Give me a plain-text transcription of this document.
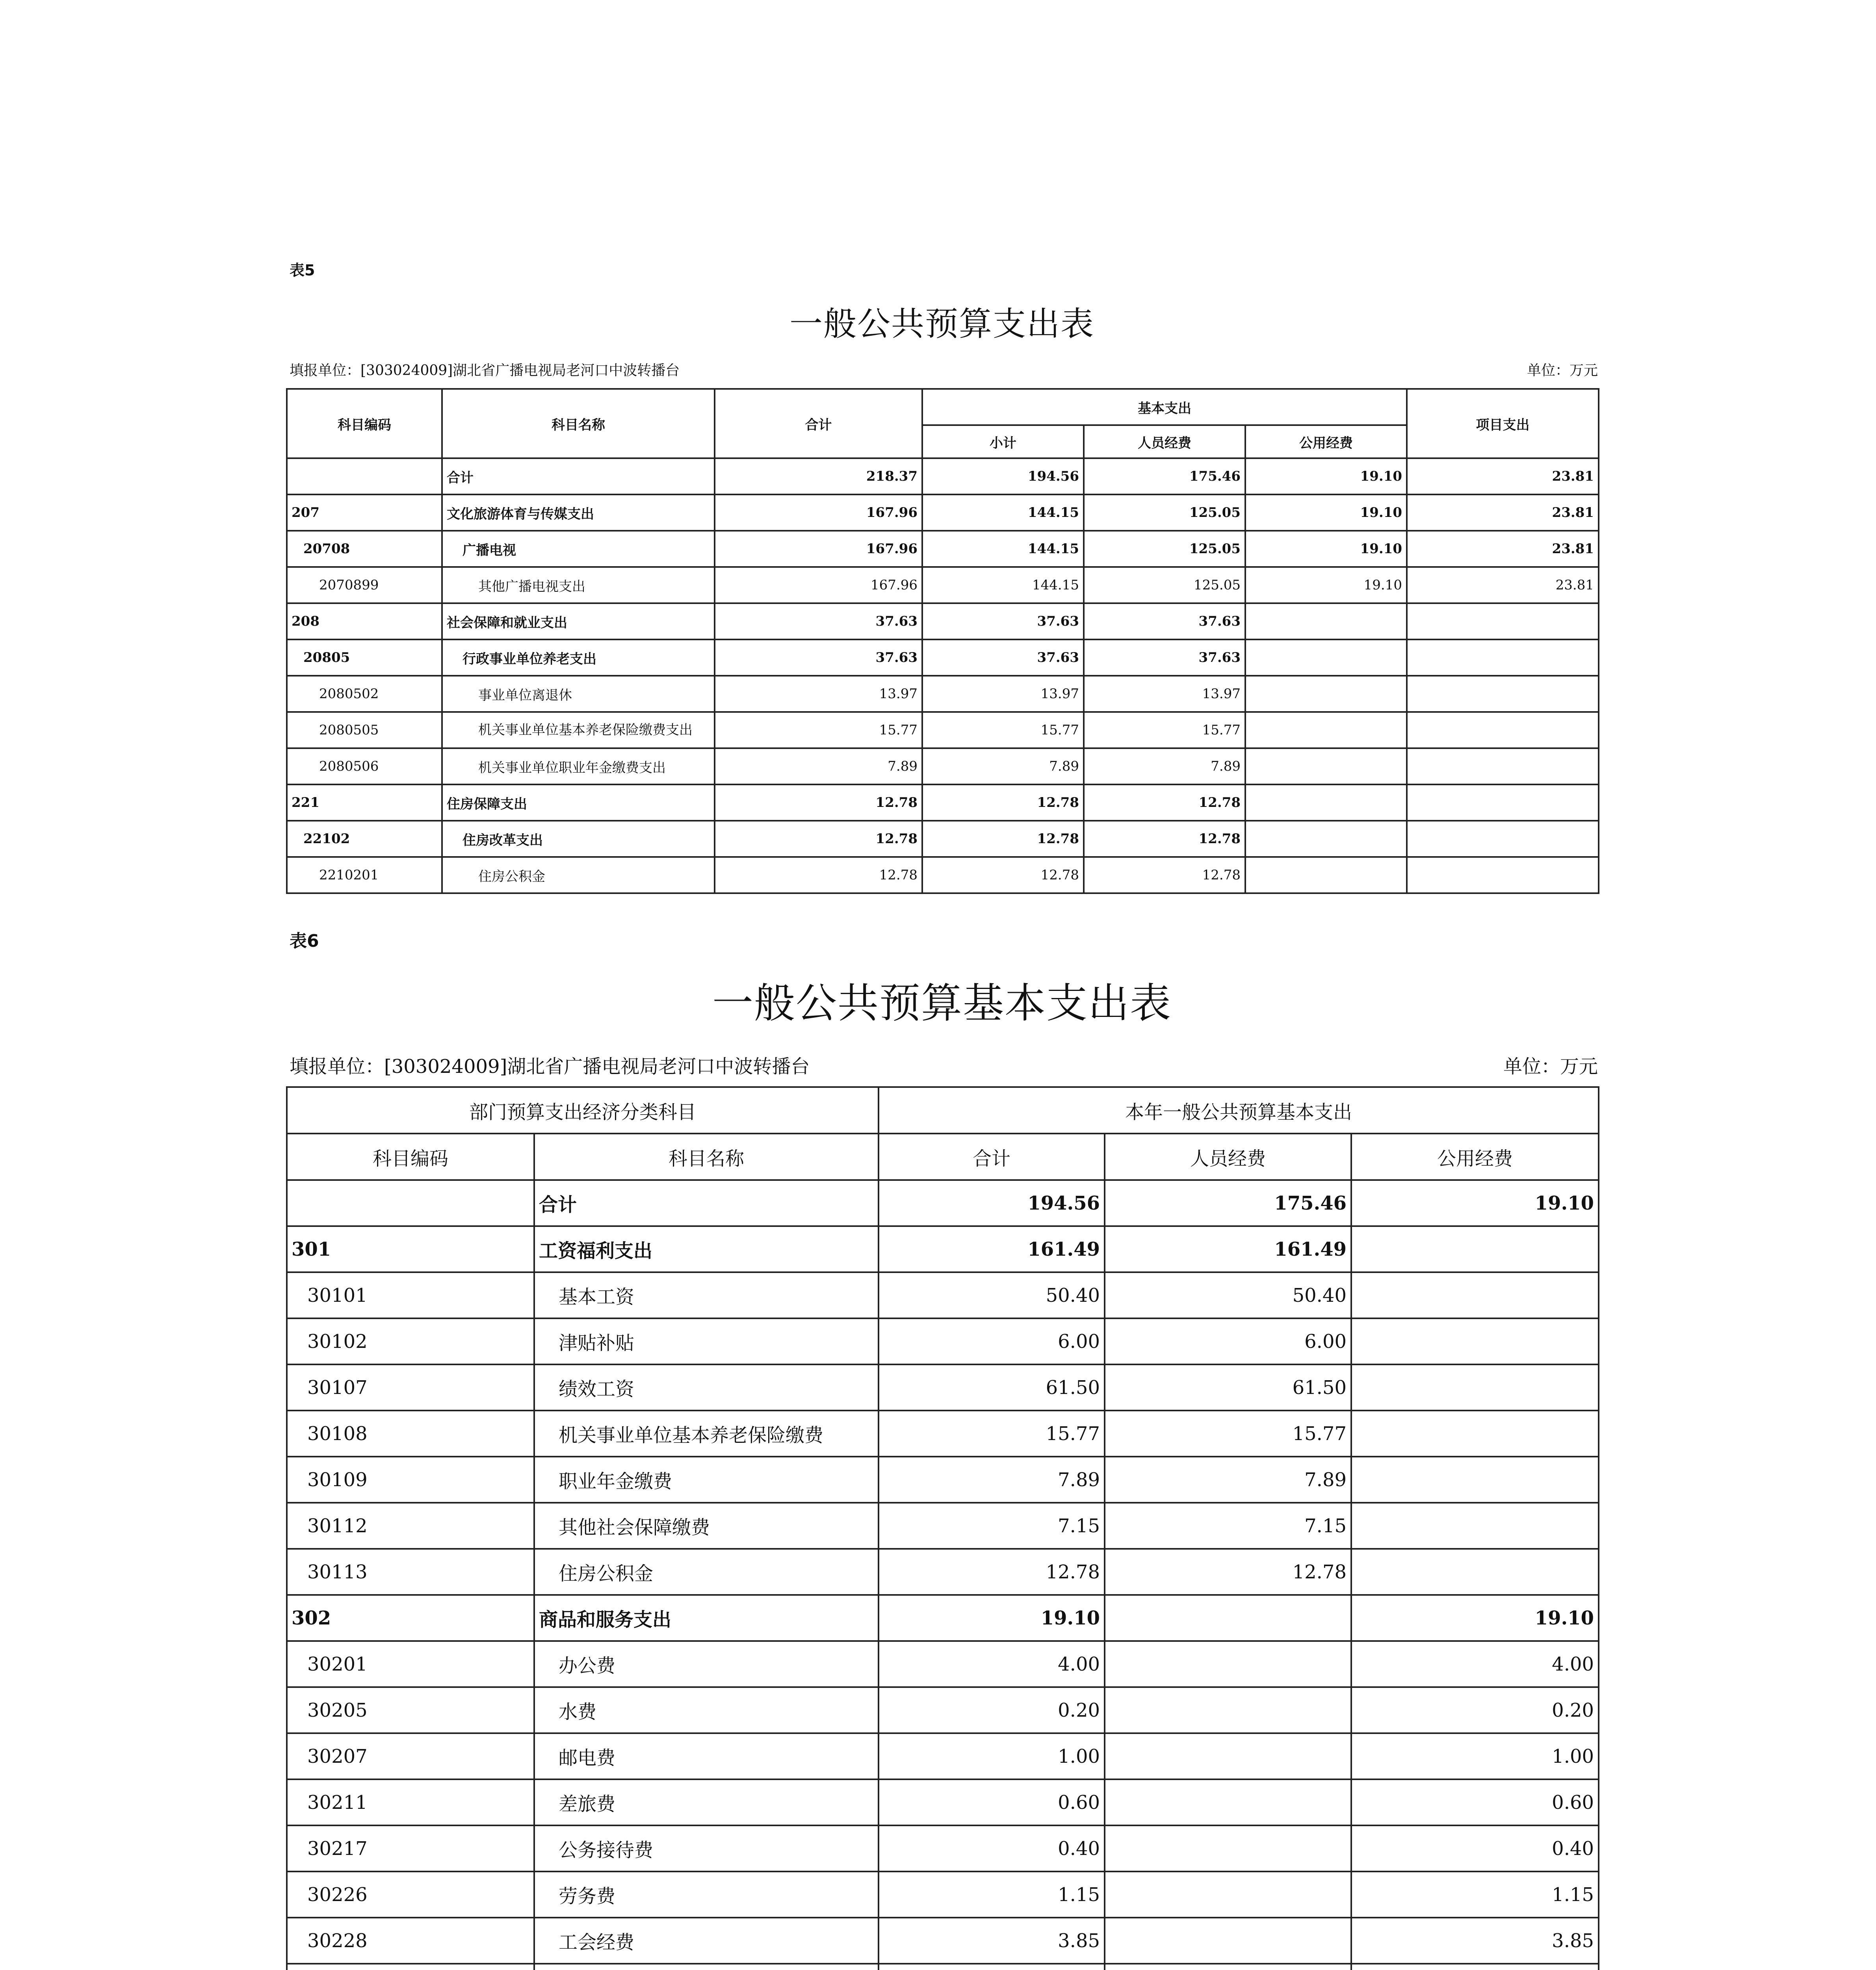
表5
一般公共预算支出表
填报单位：[303024009]湖北省广播电视局老河口中波转播台	单位：万元
科目编码	科目名称	合计	基本支出			项目支出
			小计	人员经费	公用经费	
	合计	218.37	194.56	175.46	19.10	23.81
207	文化旅游体育与传媒支出	167.96	144.15	125.05	19.10	23.81
20708	广播电视	167.96	144.15	125.05	19.10	23.81
2070899	其他广播电视支出	167.96	144.15	125.05	19.10	23.81
208	社会保障和就业支出	37.63	37.63	37.63		
20805	行政事业单位养老支出	37.63	37.63	37.63		
2080502	事业单位离退休	13.97	13.97	13.97		
2080505	机关事业单位基本养老保险缴费支出	15.77	15.77	15.77		
2080506	机关事业单位职业年金缴费支出	7.89	7.89	7.89		
221	住房保障支出	12.78	12.78	12.78		
22102	住房改革支出	12.78	12.78	12.78		
2210201	住房公积金	12.78	12.78	12.78		
表6
一般公共预算基本支出表
填报单位：[303024009]湖北省广播电视局老河口中波转播台	单位：万元
部门预算支出经济分类科目		本年一般公共预算基本支出		
科目编码	科目名称	合计	人员经费	公用经费
	合计	194.56	175.46	19.10
301	工资福利支出	161.49	161.49	
30101	基本工资	50.40	50.40	
30102	津贴补贴	6.00	6.00	
30107	绩效工资	61.50	61.50	
30108	机关事业单位基本养老保险缴费	15.77	15.77	
30109	职业年金缴费	7.89	7.89	
30112	其他社会保障缴费	7.15	7.15	
30113	住房公积金	12.78	12.78	
302	商品和服务支出	19.10		19.10
30201	办公费	4.00		4.00
30205	水费	0.20		0.20
30207	邮电费	1.00		1.00
30211	差旅费	0.60		0.60
30217	公务接待费	0.40		0.40
30226	劳务费	1.15		1.15
30228	工会经费	3.85		3.85
